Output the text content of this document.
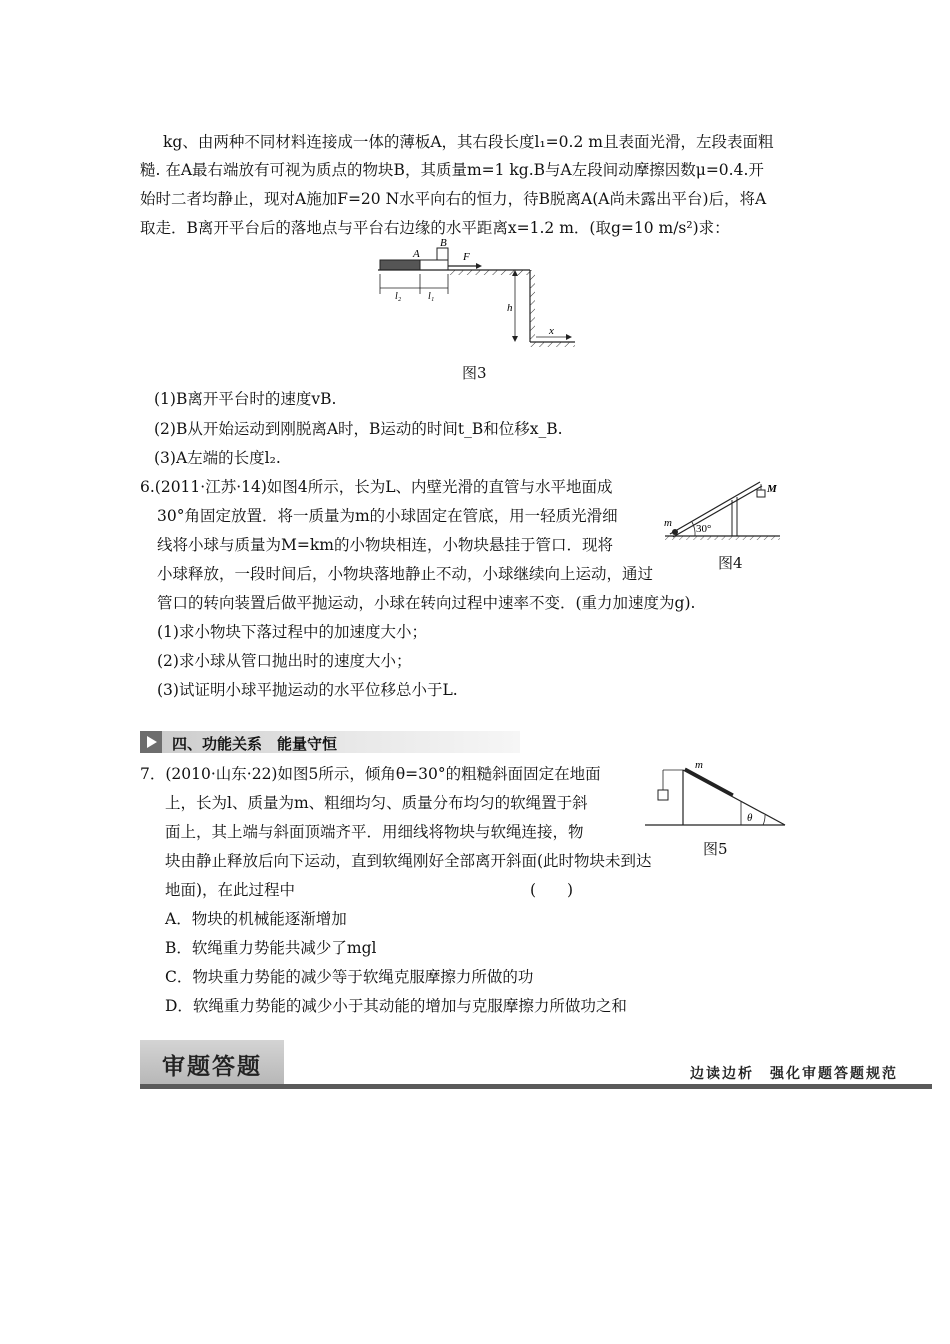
kg、由两种不同材料连接成一体的薄板A，其右段长度l₁=0.2 m且表面光滑，左段表面粗
糙. 在A最右端放有可视为质点的物块B，其质量m=1 kg.B与A左段间动摩擦因数μ=0.4.开
始时二者均静止，现对A施加F=20 N水平向右的恒力，待B脱离A(A尚未露出平台)后，将A
取走．B离开平台后的落地点与平台右边缘的水平距离x=1.2 m．(取g=10 m/s²)求：
A
B
F
l₂	l₁
h
x
图3
(1)B离开平台时的速度vB.
(2)B从开始运动到刚脱离A时，B运动的时间t_B和位移x_B.
(3)A左端的长度l₂.
6.(2011·江苏·14)如图4所示，长为L、内壁光滑的直管与水平地面成
30°角固定放置．将一质量为m的小球固定在管底，用一轻质光滑细
线将小球与质量为M=km的小物块相连，小物块悬挂于管口．现将
小球释放，一段时间后，小物块落地静止不动，小球继续向上运动，通过
管口的转向装置后做平抛运动，小球在转向过程中速率不变．(重力加速度为g).
(1)求小物块下落过程中的加速度大小；
(2)求小球从管口抛出时的速度大小；
(3)试证明小球平抛运动的水平位移总小于L.
m 30°
M
图4
四、功能关系　能量守恒
7．(2010·山东·22)如图5所示，倾角θ=30°的粗糙斜面固定在地面
上，长为l、质量为m、粗细均匀、质量分布均匀的软绳置于斜
面上，其上端与斜面顶端齐平．用细线将物块与软绳连接，物
块由静止释放后向下运动，直到软绳刚好全部离开斜面(此时物块未到达
地面)，在此过程中	(　　)
A．物块的机械能逐渐增加
B．软绳重力势能共减少了mgl
C．物块重力势能的减少等于软绳克服摩擦力所做的功
D．软绳重力势能的减少小于其动能的增加与克服摩擦力所做功之和
m
θ
图5
审题答题	边读边析　强化审题答题规范
